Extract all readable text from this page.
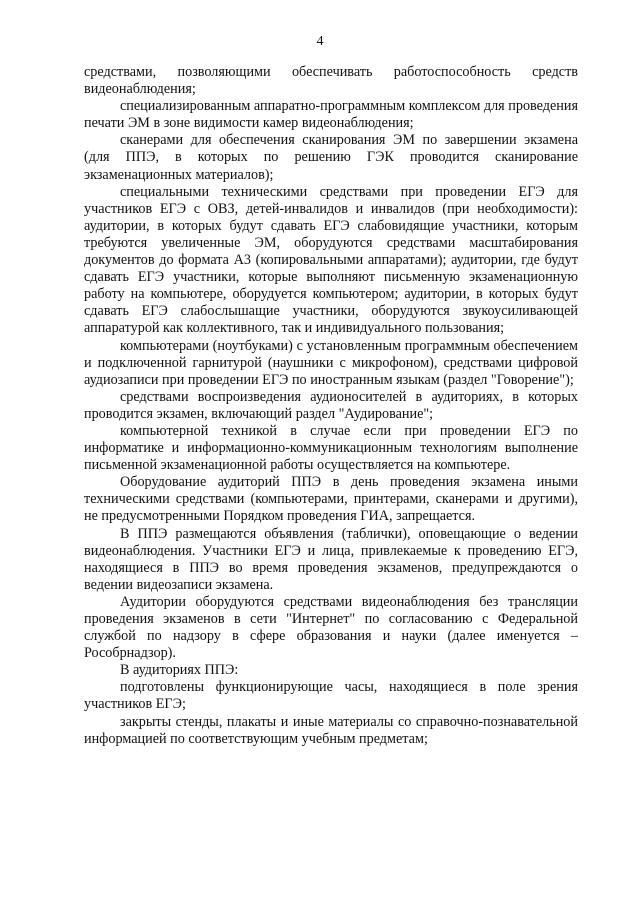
4

средствами, позволяющими обеспечивать работоспособность средств видеонаблюдения;

специализированным аппаратно-программным комплексом для проведения печати ЭМ в зоне видимости камер видеонаблюдения;

сканерами для обеспечения сканирования ЭМ по завершении экзамена (для ППЭ, в которых по решению ГЭК проводится сканирование экзаменационных материалов);

специальными техническими средствами при проведении ЕГЭ для участников ЕГЭ с ОВЗ, детей-инвалидов и инвалидов (при необходимости): аудитории, в которых будут сдавать ЕГЭ слабовидящие участники, которым требуются увеличенные ЭМ, оборудуются средствами масштабирования документов до формата А3 (копировальными аппаратами); аудитории, где будут сдавать ЕГЭ участники, которые выполняют письменную экзаменационную работу на компьютере, оборудуется компьютером; аудитории, в которых будут сдавать ЕГЭ слабослышащие участники, оборудуются звукоусиливающей аппаратурой как коллективного, так и индивидуального пользования;

компьютерами (ноутбуками) с установленным программным обеспечением и подключенной гарнитурой (наушники с микрофоном), средствами цифровой аудиозаписи при проведении ЕГЭ по иностранным языкам (раздел "Говорение");

средствами воспроизведения аудионосителей в аудиториях, в которых проводится экзамен, включающий раздел "Аудирование";

компьютерной техникой в случае если при проведении ЕГЭ по информатике и информационно-коммуникационным технологиям выполнение письменной экзаменационной работы осуществляется на компьютере.

Оборудование аудиторий ППЭ в день проведения экзамена иными техническими средствами (компьютерами, принтерами, сканерами и другими), не предусмотренными Порядком проведения ГИА, запрещается.

В ППЭ размещаются объявления (таблички), оповещающие о ведении видеонаблюдения. Участники ЕГЭ и лица, привлекаемые к проведению ЕГЭ, находящиеся в ППЭ во время проведения экзаменов, предупреждаются о ведении видеозаписи экзамена.

Аудитории оборудуются средствами видеонаблюдения без трансляции проведения экзаменов в сети "Интернет" по согласованию с Федеральной службой по надзору в сфере образования и науки (далее именуется – Рособрнадзор).

В аудиториях ППЭ:

подготовлены функционирующие часы, находящиеся в поле зрения участников ЕГЭ;

закрыты стенды, плакаты и иные материалы со справочно-познавательной информацией по соответствующим учебным предметам;
